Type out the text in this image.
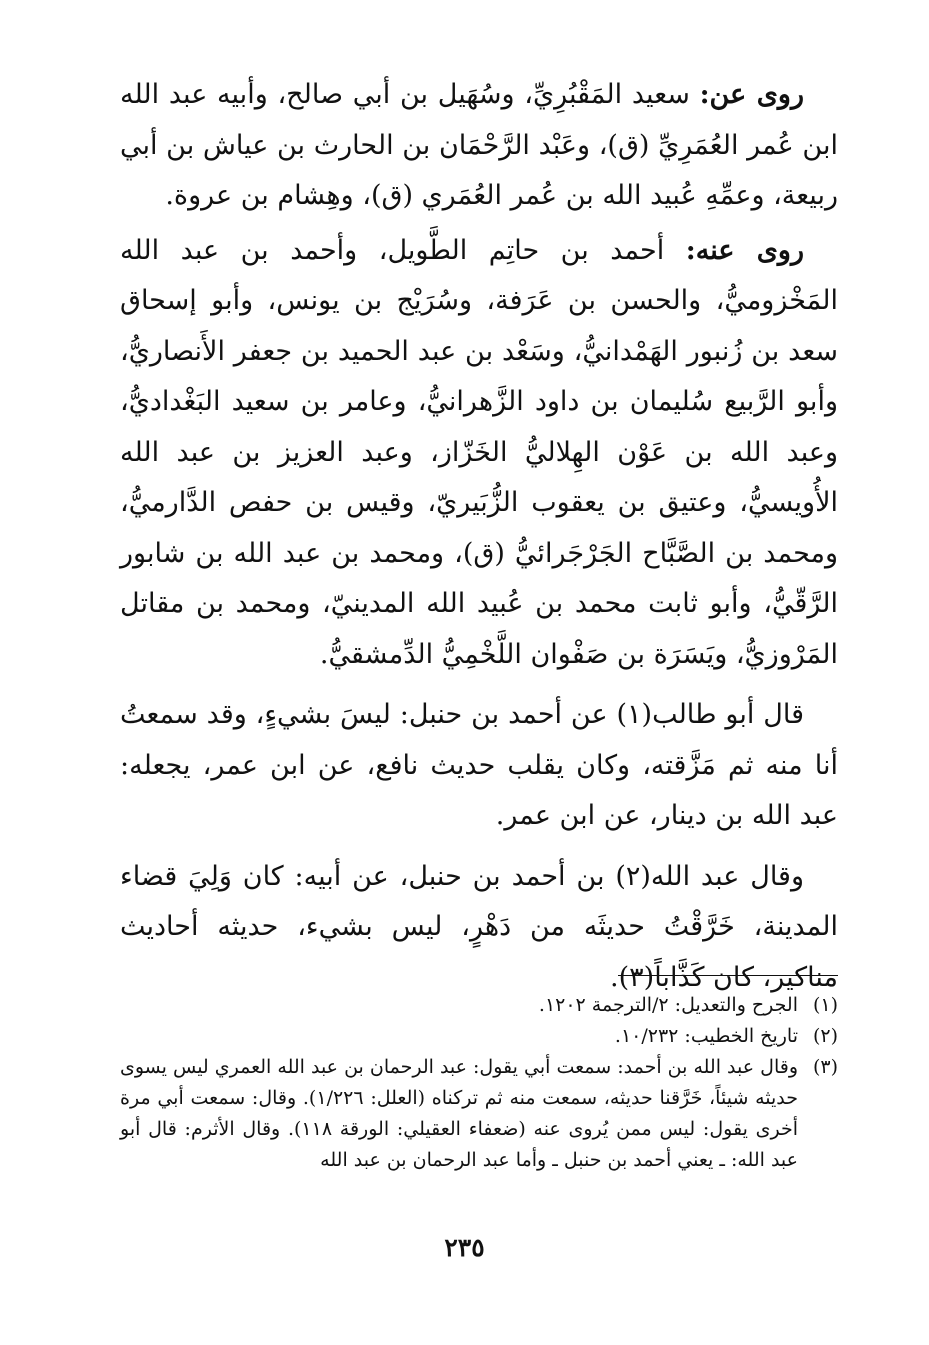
روى عن: سعيد المَقْبُرِيِّ، وسُهَيل بن أبي صالح، وأبيه عبد الله ابن عُمر العُمَرِيِّ (ق)، وعَبْد الرَّحْمَان بن الحارث بن عياش بن أبي ربيعة، وعمِّهِ عُبيد الله بن عُمر العُمَري (ق)، وهِشام بن عروة.

روى عنه: أحمد بن حاتِم الطَّويل، وأحمد بن عبد الله المَخْزوميُّ، والحسن بن عَرَفة، وسُرَيْج بن يونس، وأبو إسحاق سعد بن زُنبور الهَمْدانيُّ، وسَعْد بن عبد الحميد بن جعفر الأَنصاريُّ، وأبو الرَّبيع سُليمان بن داود الزَّهرانيُّ، وعامر بن سعيد البَغْداديُّ، وعبد الله بن عَوْن الهِلاليُّ الخَزّاز، وعبد العزيز بن عبد الله الأُويسيُّ، وعتيق بن يعقوب الزُّبَيريّ، وقيس بن حفص الدَّارميُّ، ومحمد بن الصَّبَّاح الجَرْجَرائيُّ (ق)، ومحمد بن عبد الله بن شابور الرَّقّيُّ، وأبو ثابت محمد بن عُبيد الله المدينيّ، ومحمد بن مقاتل المَرْوزيُّ، ويَسَرَة بن صَفْوان اللَّخْمِيُّ الدِّمشقيُّ.

قال أبو طالب(١) عن أحمد بن حنبل: ليسَ بشيءٍ، وقد سمعتُ أنا منه ثم مَزَّقته، وكان يقلب حديث نافع، عن ابن عمر، يجعله: عبد الله بن دينار، عن ابن عمر.

وقال عبد الله(٢) بن أحمد بن حنبل، عن أبيه: كان وَلِيَ قضاء المدينة، خَرَّقْتُ حديثَه من دَهْرٍ، ليس بشيء، حديثه أحاديث مناكير، كان كَذَّاباً(٣).

(١)
الجرح والتعديل: ٢/الترجمة ١٢٠٢.
(٢)
تاريخ الخطيب: ١٠/٢٣٢.
(٣)
وقال عبد الله بن أحمد: سمعت أبي يقول: عبد الرحمان بن عبد الله العمري ليس يسوى حديثه شيئاً، خَرَّقنا حديثه، سمعت منه ثم تركناه (العلل: ١/٢٢٦). وقال: سمعت أبي مرة أخرى يقول: ليس ممن يُروى عنه (ضعفاء العقيلي: الورقة ١١٨). وقال الأثرم: قال أبو عبد الله: ـ يعني أحمد بن حنبل ـ وأما عبد الرحمان بن عبد الله
٢٣٥
